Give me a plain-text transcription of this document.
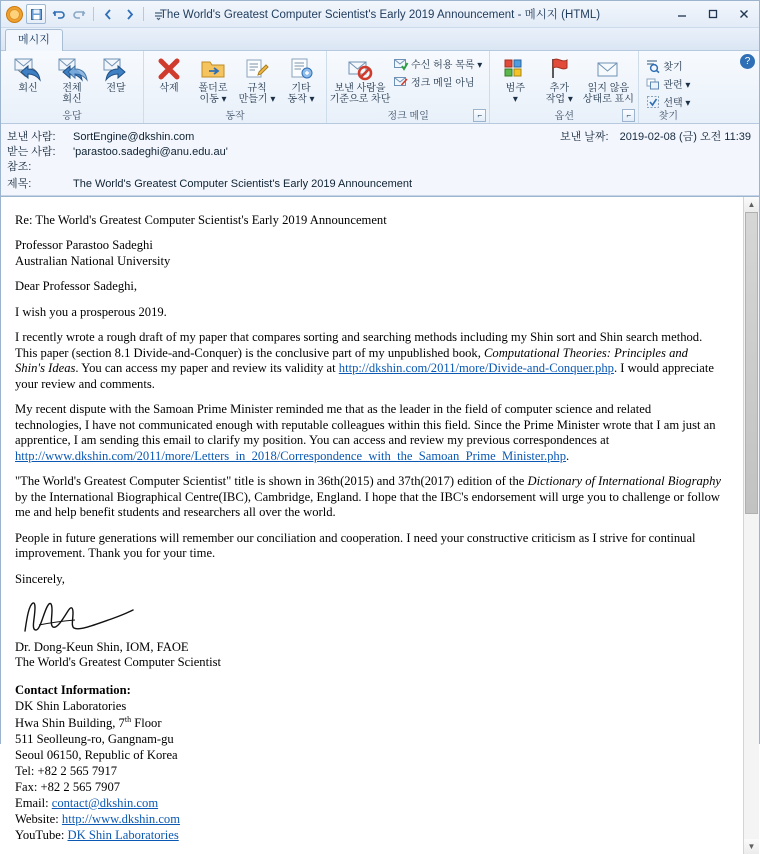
The World's Greatest Computer Scientist's Early 2019 Announcement - 메시지 (HTML)
메시지
회신 전체
회신
전달
응답
삭제 폴더로
이동 ▾
규칙
만들기 ▾
기타
동작 ▾
동작
보낸 사람을
기준으로 차단
수신 허용 목록 ▾
정크 메일 아님
정크 메일	⌐
범주
▾
추가
작업 ▾
읽지 않음
상태로 표시
옵션	⌐
찾기
관련 ▾
선택 ▾
찾기
?
보낸 사람:	SortEngine@dkshin.com
받는 사람:	'parastoo.sadeghi@anu.edu.au'
참조:
제목:	The World's Greatest Computer Scientist's Early 2019 Announcement
보낸 날짜: 2019-02-08 (금) 오전 11:39

Re: The World's Greatest Computer Scientist's Early 2019 Announcement

Professor Parastoo Sadeghi

Australian National University

Dear Professor Sadeghi,

I wish you a prosperous 2019.

I recently wrote a rough draft of my paper that compares sorting and searching methods including my Shin sort and Shin search method. This paper (section 8.1 Divide-and-Conquer) is the conclusive part of my unpublished book, Computational Theories: Principles and Shin's Ideas. You can access my paper and review its validity at http://dkshin.com/2011/more/Divide-and-Conquer.php. I would appreciate your review and comments.

My recent dispute with the Samoan Prime Minister reminded me that as the leader in the field of computer science and related technologies, I have not communicated enough with reputable colleagues within this field. Since the Prime Minister wrote that I am just an apprentice, I am sending this email to clarify my position. You can access and review my previous correspondences at http://www.dkshin.com/2011/more/Letters_in_2018/Correspondence_with_the_Samoan_Prime_Minister.php.

"The World's Greatest Computer Scientist" title is shown in 36th(2015) and 37th(2017) edition of the Dictionary of International Biography by the International Biographical Centre(IBC), Cambridge, England. I hope that the IBC's endorsement will urge you to challenge or follow me and help benefit students and researchers all over the world.

People in future generations will remember our conciliation and cooperation. I need your constructive criticism as I strive for continual improvement. Thank you for your time.

Sincerely,

Dr. Dong-Keun Shin, IOM, FAOE

The World's Greatest Computer Scientist

Contact Information:
DK Shin Laboratories
Hwa Shin Building, 7th Floor
511 Seolleung-ro, Gangnam-gu
Seoul 06150, Republic of Korea
Tel: +82 2 565 7917
Fax: +82 2 565 7907
Email: contact@dkshin.com
Website: http://www.dkshin.com
YouTube: DK Shin Laboratories
▲
▼
